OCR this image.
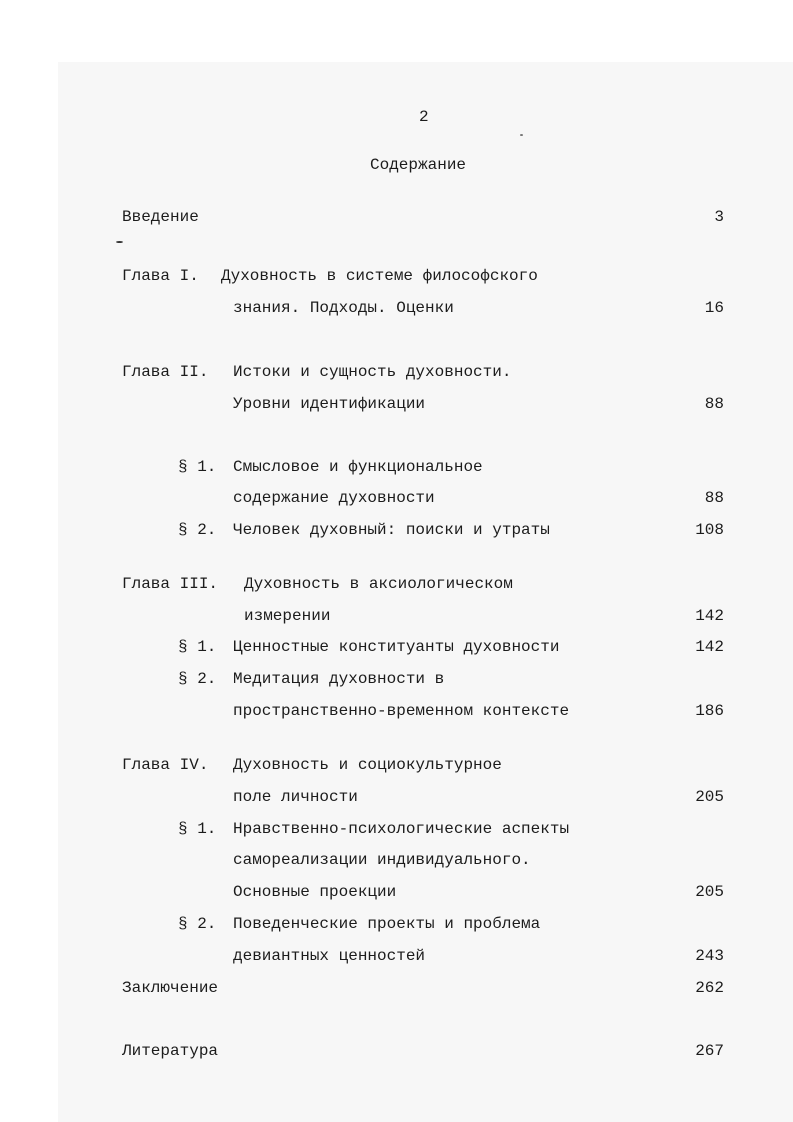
2
Содержание
Введение	3
Глава I. Духовность в системе философского
знания. Подходы. Оценки	16
Глава II. Истоки и сущность духовности.
Уровни идентификации	88
§ 1. Смысловое и функциональное
содержание духовности	88
§ 2. Человек духовный: поиски и утраты	108
Глава III. Духовность в аксиологическом
измерении	142
§ 1. Ценностные конституанты духовности	142
§ 2. Медитация духовности в
пространственно-временном контексте	186
Глава IV. Духовность и социокультурное
поле личности	205
§ 1. Нравственно-психологические аспекты
самореализации индивидуального.
Основные проекции	205
§ 2. Поведенческие проекты и проблема
девиантных ценностей	243
Заключение	262
Литература	267
